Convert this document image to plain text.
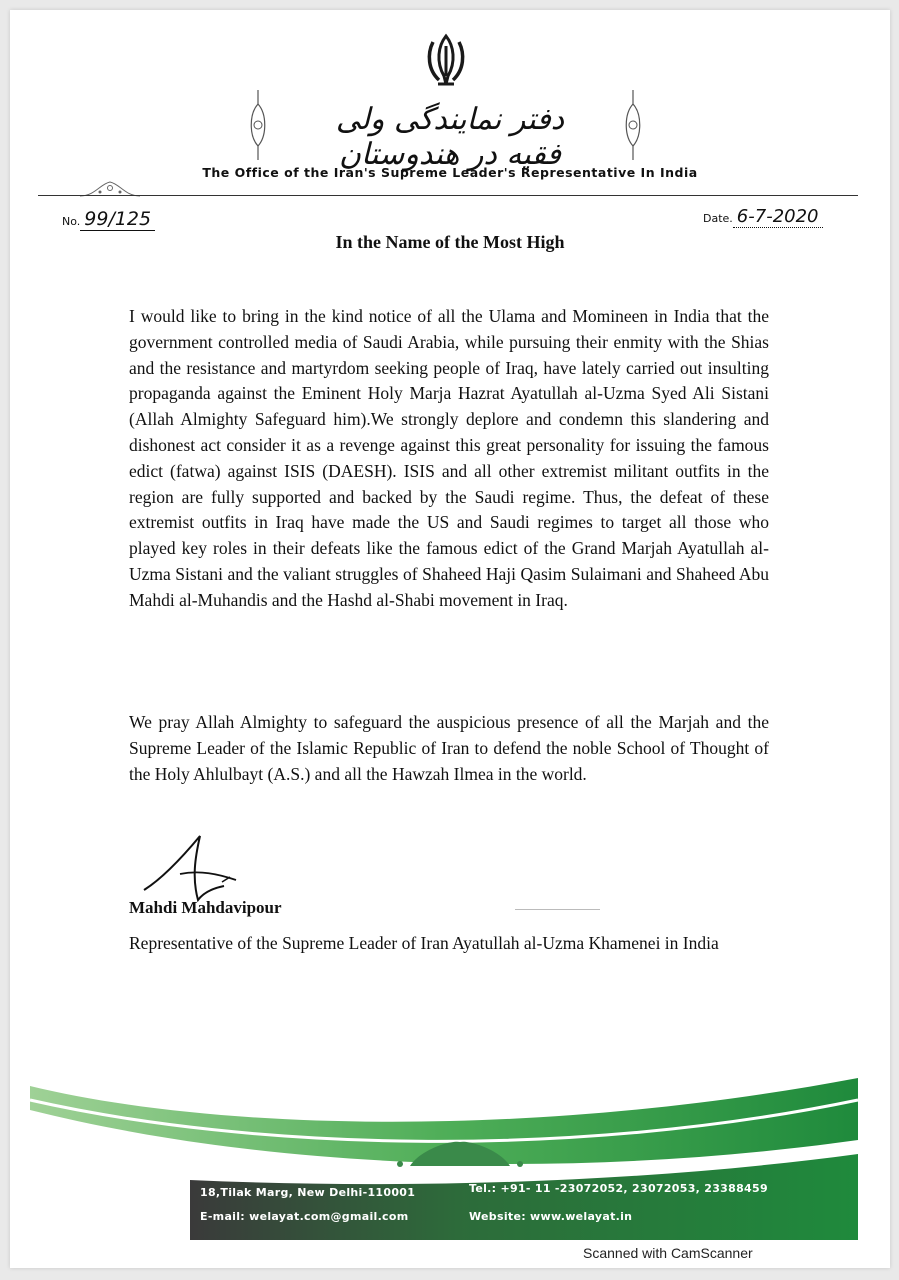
دفتر نمایندگی ولی فقیه در هندوستان
The Office of the Iran's Supreme Leader's Representative In India
No. 99/125	Date. 6-7-2020
In the Name of the Most High

I would like to bring in the kind notice of all the Ulama and Momineen in India that the government controlled media of Saudi Arabia, while pursuing their enmity with the Shias and the resistance and martyrdom seeking people of Iraq, have lately carried out insulting propaganda against the Eminent Holy Marja Hazrat Ayatullah al-Uzma Syed Ali Sistani (Allah Almighty Safeguard him).We strongly deplore and condemn this slandering and dishonest act consider it as a revenge against this great personality for issuing the famous edict (fatwa) against ISIS (DAESH). ISIS and all other extremist militant outfits in the region are fully supported and backed by the Saudi regime. Thus, the defeat of these extremist outfits in Iraq have made the US and Saudi regimes to target all those who played key roles in their defeats like the famous edict of the Grand Marjah Ayatullah al-Uzma Sistani and the valiant struggles of Shaheed Haji Qasim Sulaimani and Shaheed Abu Mahdi al-Muhandis and the Hashd al-Shabi movement in Iraq.

We pray Allah Almighty to safeguard the auspicious presence of all the Marjah and the Supreme Leader of the Islamic Republic of Iran to defend the noble School of Thought of the Holy Ahlulbayt (A.S.) and all the Hawzah Ilmea in the world.

Mahdi Mahdavipour

Representative of the Supreme Leader of Iran Ayatullah al-Uzma Khamenei in India

18,Tilak Marg, New Delhi-110001
E-mail: welayat.com@gmail.com
Tel.: +91- 11 -23072052, 23072053, 23388459
Website: www.welayat.in
Scanned with CamScanner
